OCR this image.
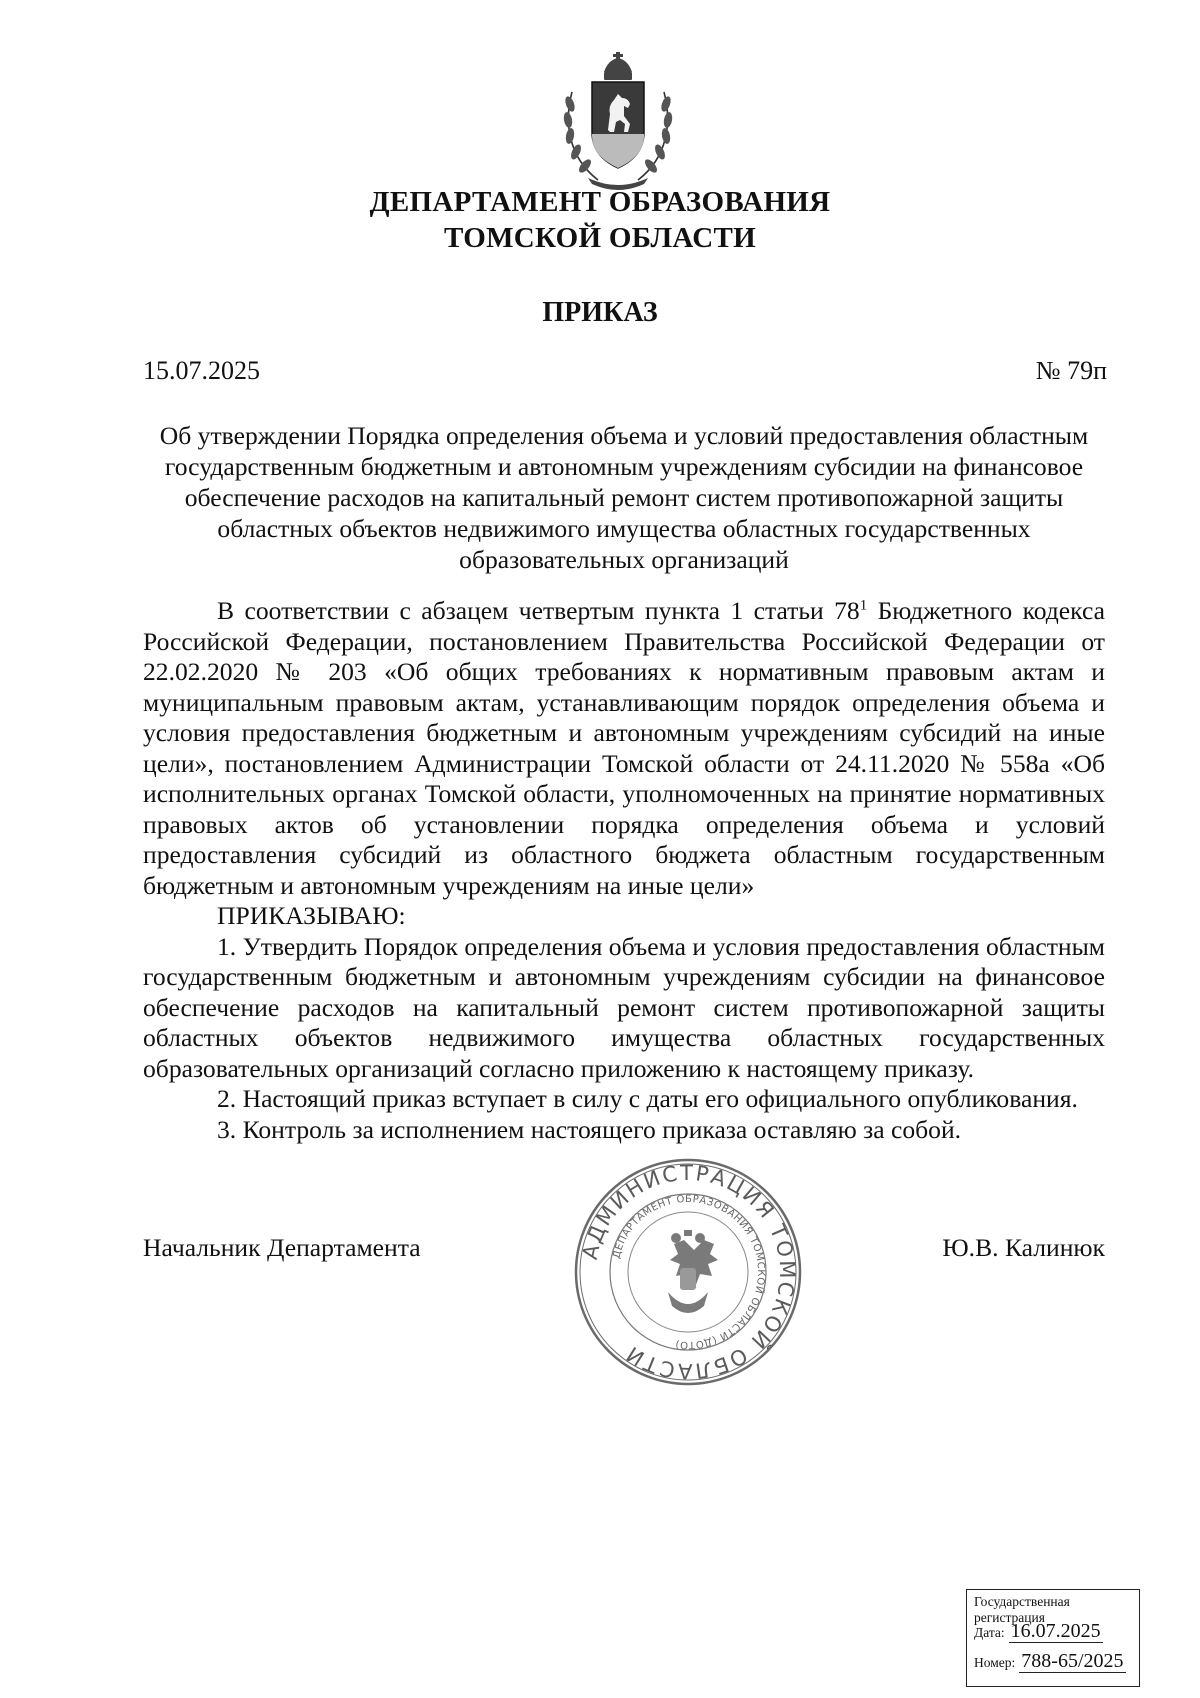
ДЕПАРТАМЕНТ ОБРАЗОВАНИЯ
ТОМСКОЙ ОБЛАСТИ
ПРИКАЗ
15.07.2025	№ 79п
Об утверждении Порядка определения объема и условий предоставления областным
государственным бюджетным и автономным учреждениям субсидии на финансовое
обеспечение расходов на капитальный ремонт систем противопожарной защиты
областных объектов недвижимого имущества областных государственных
образовательных организаций

В соответствии с абзацем четвертым пункта 1 статьи $78^1$ Бюджетного кодекса Российской Федерации, постановлением Правительства Российской Федерации от 22.02.2020 № 203 «Об общих требованиях к нормативным правовым актам и муниципальным правовым актам, устанавливающим порядок определения объема и условия предоставления бюджетным и автономным учреждениям субсидий на иные цели», постановлением Администрации Томской области от 24.11.2020 № 558а «Об исполнительных органах Томской области, уполномоченных на принятие нормативных правовых актов об установлении порядка определения объема и условий предоставления субсидий из областного бюджета областным государственным бюджетным и автономным учреждениям на иные цели»

ПРИКАЗЫВАЮ:

1. Утвердить Порядок определения объема и условия предоставления областным государственным бюджетным и автономным учреждениям субсидии на финансовое обеспечение расходов на капитальный ремонт систем противопожарной защиты областных объектов недвижимого имущества областных государственных образовательных организаций согласно приложению к настоящему приказу.

2. Настоящий приказ вступает в силу с даты его официального опубликования.

3. Контроль за исполнением настоящего приказа оставляю за собой.

АДМИНИСТРАЦИЯ ТОМСКОЙ ОБЛАСТИ
ДЕПАРТАМЕНТ ОБРАЗОВАНИЯ ТОМСКОЙ ОБЛАСТИ (ДОТО)
Начальник Департамента	Ю.В. Калинюк
Государственная регистрация
Дата: 16.07.2025
Номер: 788-65/2025
